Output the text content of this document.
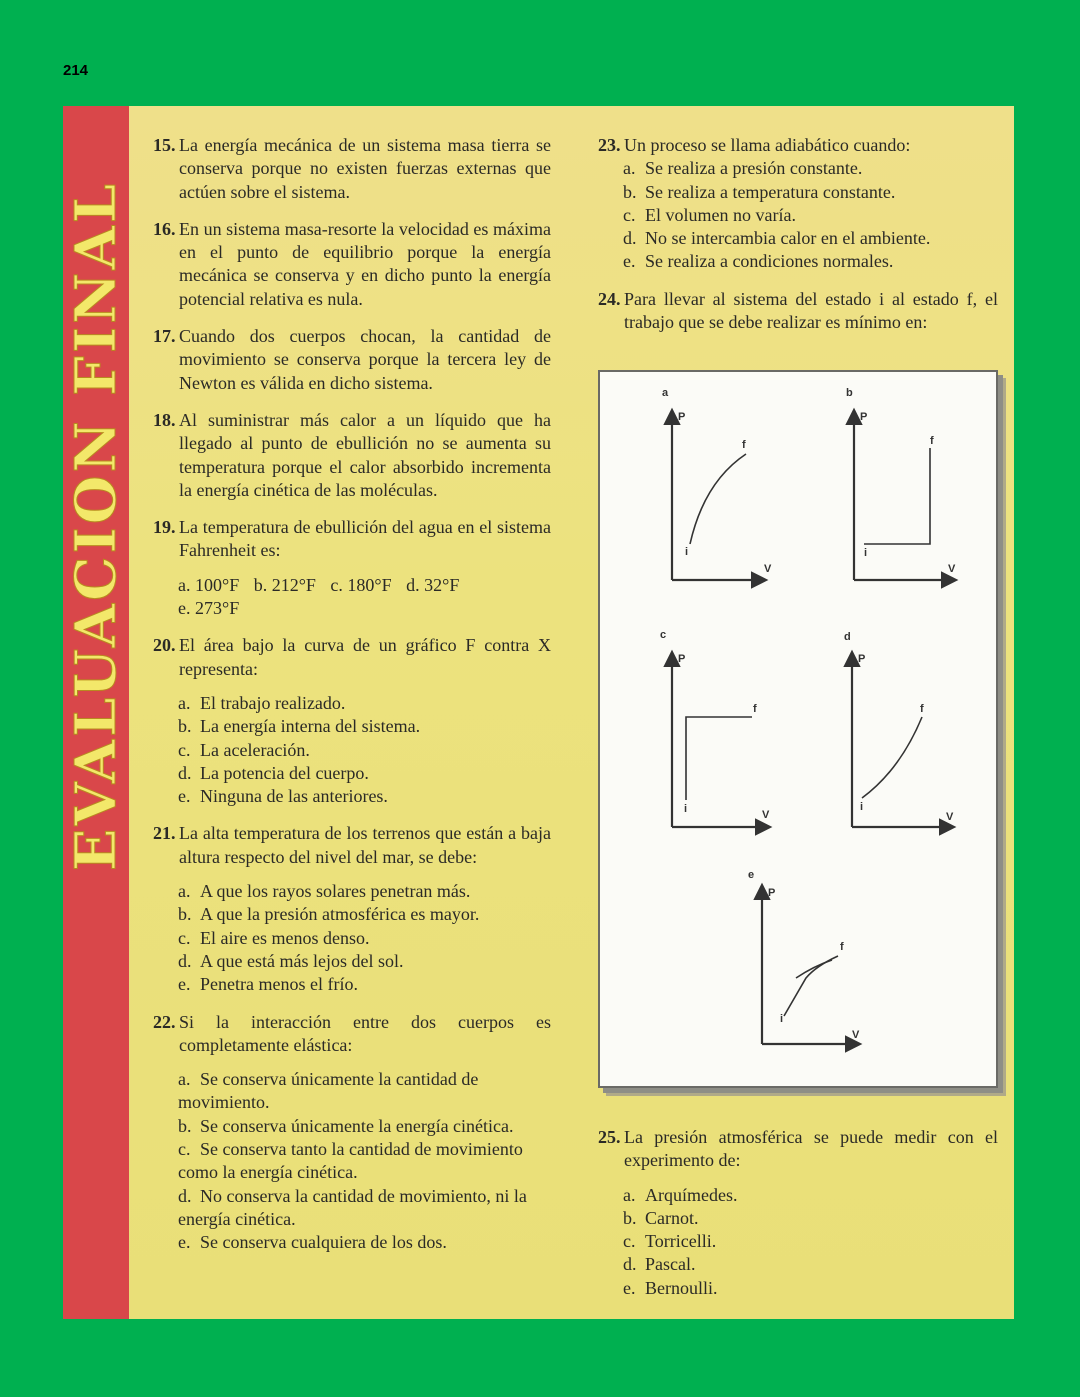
214
EVALUACION FINAL
15. La energía mecánica de un sistema masa tierra se conserva porque no existen fuerzas externas que actúen sobre el sistema.
16. En un sistema masa-resorte la velocidad es máxima en el punto de equilibrio porque la energía mecánica se conserva y en dicho punto la energía potencial relativa es nula.
17. Cuando dos cuerpos chocan, la cantidad de movimiento se conserva porque la tercera ley de Newton es válida en dicho sistema.
18. Al suministrar más calor a un líquido que ha llegado al punto de ebullición no se aumenta su temperatura porque el calor absorbido incrementa la energía cinética de las moléculas.
19. La temperatura de ebullición del agua en el sistema Fahrenheit es:
a. 100°F b. 212°F c. 180°F d. 32°F
e. 273°F
20. El área bajo la curva de un gráfico F contra X representa:
a. El trabajo realizado.
b. La energía interna del sistema.
c. La aceleración.
d. La potencia del cuerpo.
e. Ninguna de las anteriores.
21. La alta temperatura de los terrenos que están a baja altura respecto del nivel del mar, se debe:
a. A que los rayos solares penetran más.
b. A que la presión atmosférica es mayor.
c. El aire es menos denso.
d. A que está más lejos del sol.
e. Penetra menos el frío.
22. Si la interacción entre dos cuerpos es completamente elástica:
a. Se conserva únicamente la cantidad de movimiento.
b. Se conserva únicamente la energía cinética.
c. Se conserva tanto la cantidad de movimiento como la energía cinética.
d. No conserva la cantidad de movimiento, ni la energía cinética.
e. Se conserva cualquiera de los dos.
23. Un proceso se llama adiabático cuando:
a. Se realiza a presión constante.
b. Se realiza a temperatura constante.
c. El volumen no varía.
d. No se intercambia calor en el ambiente.
e. Se realiza a condiciones normales.
24. Para llevar al sistema del estado i al estado f, el trabajo que se debe realizar es mínimo en:
a
P
V
i
f
b
P
V
i
f
c
P
V
i
f
d
P
V
i
f
e
P
V
i
f
25. La presión atmosférica se puede medir con el experimento de:
a. Arquímedes.
b. Carnot.
c. Torricelli.
d. Pascal.
e. Bernoulli.
